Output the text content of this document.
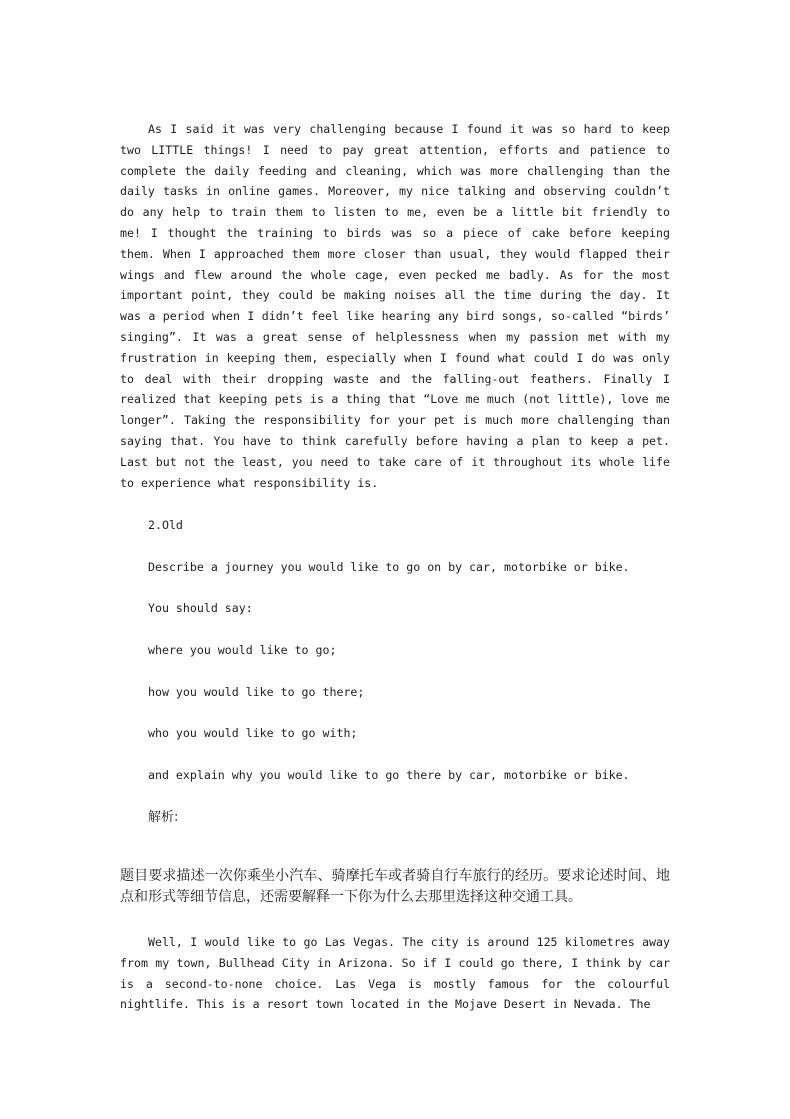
As I said it was very challenging because I found it was so hard to keep two LITTLE things! I need to pay great attention, efforts and patience to complete the daily feeding and cleaning, which was more challenging than the daily tasks in online games. Moreover, my nice talking and observing couldn’t do any help to train them to listen to me, even be a little bit friendly to me! I thought the training to birds was so a piece of cake before keeping them. When I approached them more closer than usual, they would flapped their wings and flew around the whole cage, even pecked me badly. As for the most important point, they could be making noises all the time during the day. It was a period when I didn’t feel like hearing any bird songs, so-called “birds’ singing”. It was a great sense of helplessness when my passion met with my frustration in keeping them, especially when I found what could I do was only to deal with their dropping waste and the falling-out feathers. Finally I realized that keeping pets is a thing that “Love me much (not little), love me longer”. Taking the responsibility for your pet is much more challenging than saying that. You have to think carefully before having a plan to keep a pet. Last but not the least, you need to take care of it throughout its whole life to experience what responsibility is.

2.Old

Describe a journey you would like to go on by car, motorbike or bike.

You should say:

where you would like to go;

how you would like to go there;

who you would like to go with;

and explain why you would like to go there by car, motorbike or bike.

解析:

题目要求描述一次你乘坐小汽车、骑摩托车或者骑自行车旅行的经历。要求论述时间、地点和形式等细节信息，还需要解释一下你为什么去那里选择这种交通工具。

Well, I would like to go Las Vegas. The city is around 125 kilometres away from my town, Bullhead City in Arizona. So if I could go there, I think by car is a second-to-none choice. Las Vega is mostly famous for the colourful nightlife. This is a resort town located in the Mojave Desert in Nevada. The
